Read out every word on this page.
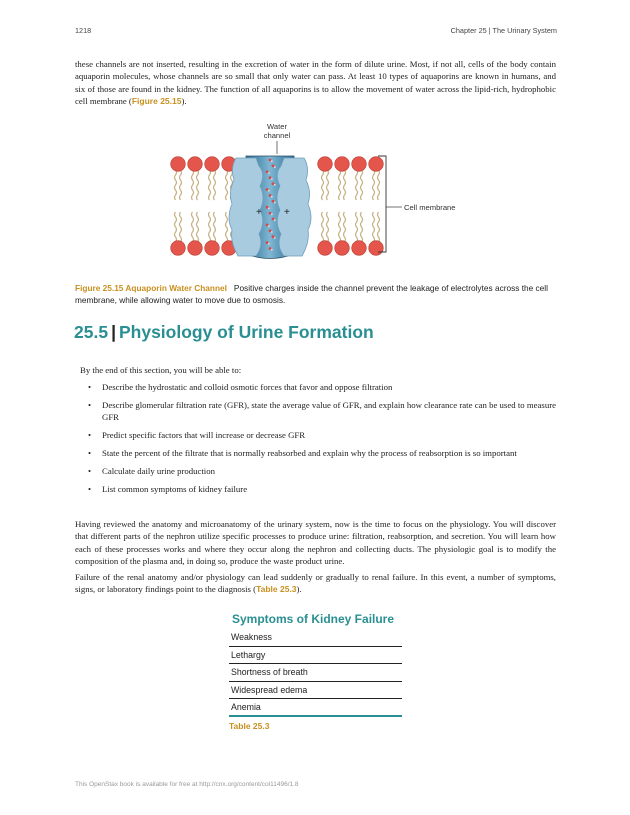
1218	Chapter 25 | The Urinary System

these channels are not inserted, resulting in the excretion of water in the form of dilute urine. Most, if not all, cells of the body contain aquaporin molecules, whose channels are so small that only water can pass. At least 10 types of aquaporins are known in humans, and six of those are found in the kidney. The function of all aquaporins is to allow the movement of water across the lipid-rich, hydrophobic cell membrane (Figure 25.15).

+ +
Water
channel
Cell membrane

Figure 25.15 Aquaporin Water Channel Positive charges inside the channel prevent the leakage of electrolytes across the cell membrane, while allowing water to move due to osmosis.

25.5 | Physiology of Urine Formation

By the end of this section, you will be able to:

• Describe the hydrostatic and colloid osmotic forces that favor and oppose filtration
• Describe glomerular filtration rate (GFR), state the average value of GFR, and explain how clearance rate can be used to measure GFR
• Predict specific factors that will increase or decrease GFR
• State the percent of the filtrate that is normally reabsorbed and explain why the process of reabsorption is so important
• Calculate daily urine production
• List common symptoms of kidney failure

Having reviewed the anatomy and microanatomy of the urinary system, now is the time to focus on the physiology. You will discover that different parts of the nephron utilize specific processes to produce urine: filtration, reabsorption, and secretion. You will learn how each of these processes works and where they occur along the nephron and collecting ducts. The physiologic goal is to modify the composition of the plasma and, in doing so, produce the waste product urine.

Failure of the renal anatomy and/or physiology can lead suddenly or gradually to renal failure. In this event, a number of symptoms, signs, or laboratory findings point to the diagnosis (Table 25.3).

Symptoms of Kidney Failure
Weakness
Lethargy
Shortness of breath
Widespread edema
Anemia
Table 25.3
This OpenStax book is available for free at http://cnx.org/content/col11496/1.8
